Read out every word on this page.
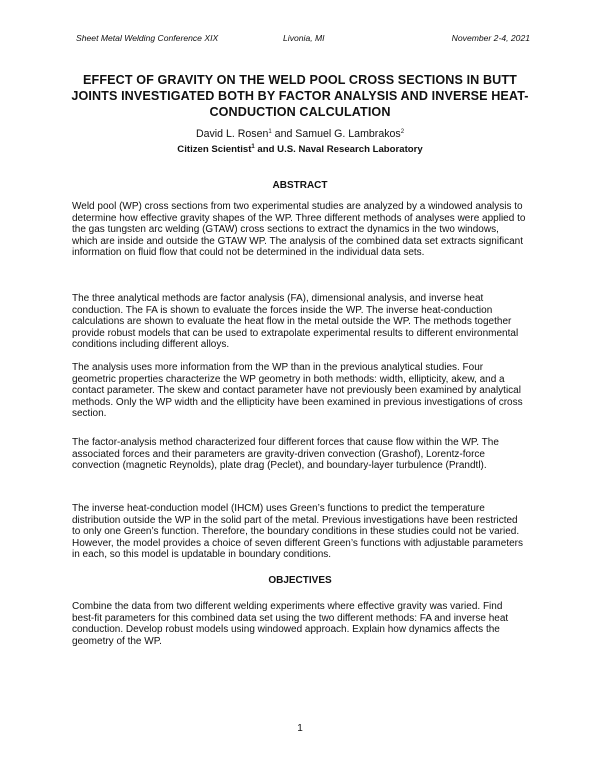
Sheet Metal Welding Conference XIX	Livonia, MI	November 2-4, 2021
EFFECT OF GRAVITY ON THE WELD POOL CROSS SECTIONS IN BUTT JOINTS INVESTIGATED BOTH BY FACTOR ANALYSIS AND INVERSE HEAT-CONDUCTION CALCULATION
David L. Rosen$^1$ and Samuel G. Lambrakos$^2$
Citizen Scientist$^1$ and U.S. Naval Research Laboratory
ABSTRACT

Weld pool (WP) cross sections from two experimental studies are analyzed by a windowed analysis to determine how effective gravity shapes of the WP. Three different methods of analyses were applied to the gas tungsten arc welding (GTAW) cross sections to extract the dynamics in the two windows, which are inside and outside the GTAW WP. The analysis of the combined data set extracts significant information on fluid flow that could not be determined in the individual data sets.

The three analytical methods are factor analysis (FA), dimensional analysis, and inverse heat conduction. The FA is shown to evaluate the forces inside the WP. The inverse heat-conduction calculations are shown to evaluate the heat flow in the metal outside the WP. The methods together provide robust models that can be used to extrapolate experimental results to different environmental conditions including different alloys.

The analysis uses more information from the WP than in the previous analytical studies. Four geometric properties characterize the WP geometry in both methods: width, ellipticity, akew, and a contact parameter. The skew and contact parameter have not previously been examined by analytical methods. Only the WP width and the ellipticity have been examined in previous investigations of cross section.

The factor-analysis method characterized four different forces that cause flow within the WP. The associated forces and their parameters are gravity-driven convection (Grashof), Lorentz-force convection (magnetic Reynolds), plate drag (Peclet), and boundary-layer turbulence (Prandtl).

The inverse heat-conduction model (IHCM) uses Green’s functions to predict the temperature distribution outside the WP in the solid part of the metal. Previous investigations have been restricted to only one Green’s function. Therefore, the boundary conditions in these studies could not be varied. However, the model provides a choice of seven different Green’s functions with adjustable parameters in each, so this model is updatable in boundary conditions.

OBJECTIVES

Combine the data from two different welding experiments where effective gravity was varied. Find best-fit parameters for this combined data set using the two different methods: FA and inverse heat conduction. Develop robust models using windowed approach. Explain how dynamics affects the geometry of the WP.

1
